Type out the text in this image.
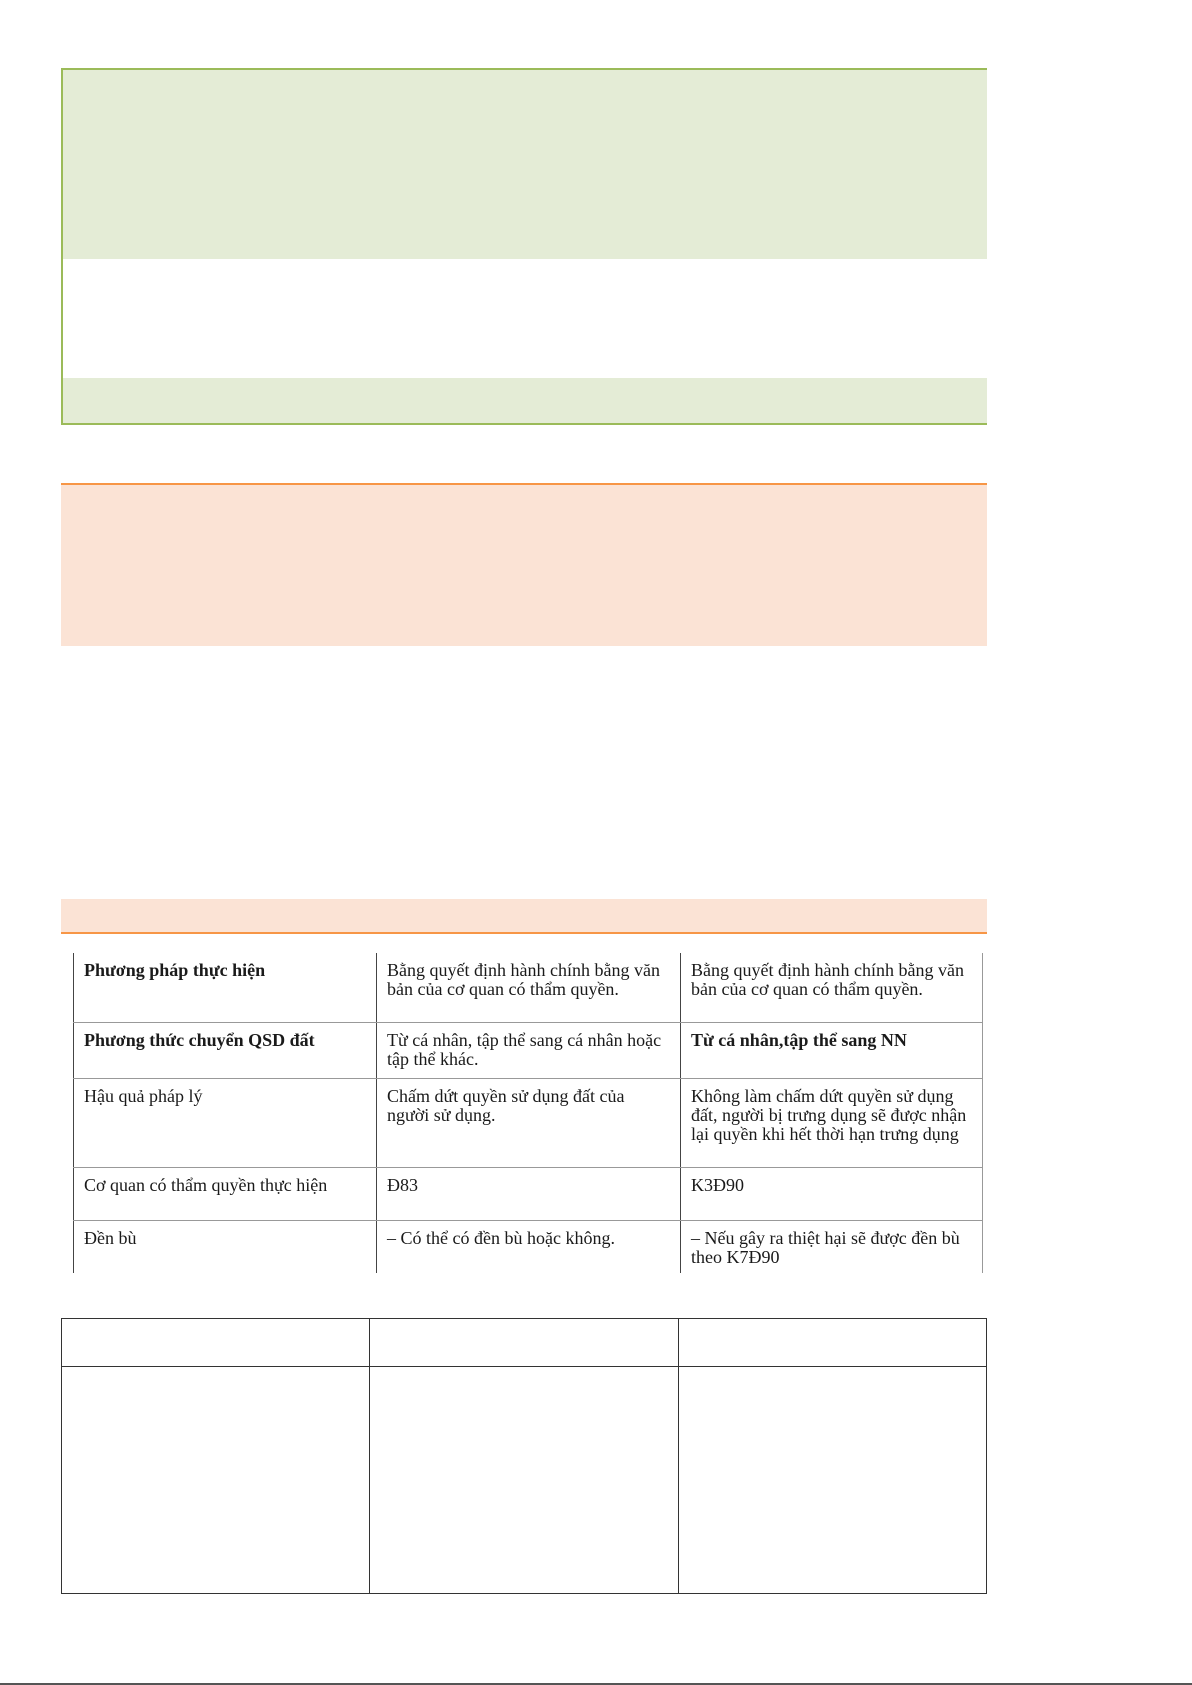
Phương pháp thực hiện	Bằng quyết định hành chính bằng văn bản của cơ quan có thẩm quyền.	Bằng quyết định hành chính bằng văn bản của cơ quan có thẩm quyền.
Phương thức chuyển QSD đất	Từ cá nhân, tập thể sang cá nhân hoặc tập thể khác.	Từ cá nhân,tập thể sang NN
Hậu quả pháp lý	Chấm dứt quyền sử dụng đất của người sử dụng.	Không làm chấm dứt quyền sử dụng đất, người bị trưng dụng sẽ được nhận lại quyền khi hết thời hạn trưng dụng
Cơ quan có thẩm quyền thực hiện	Đ83	K3Đ90
Đền bù	– Có thể có đền bù hoặc không.	– Nếu gây ra thiệt hại sẽ được đền bù theo K7Đ90
